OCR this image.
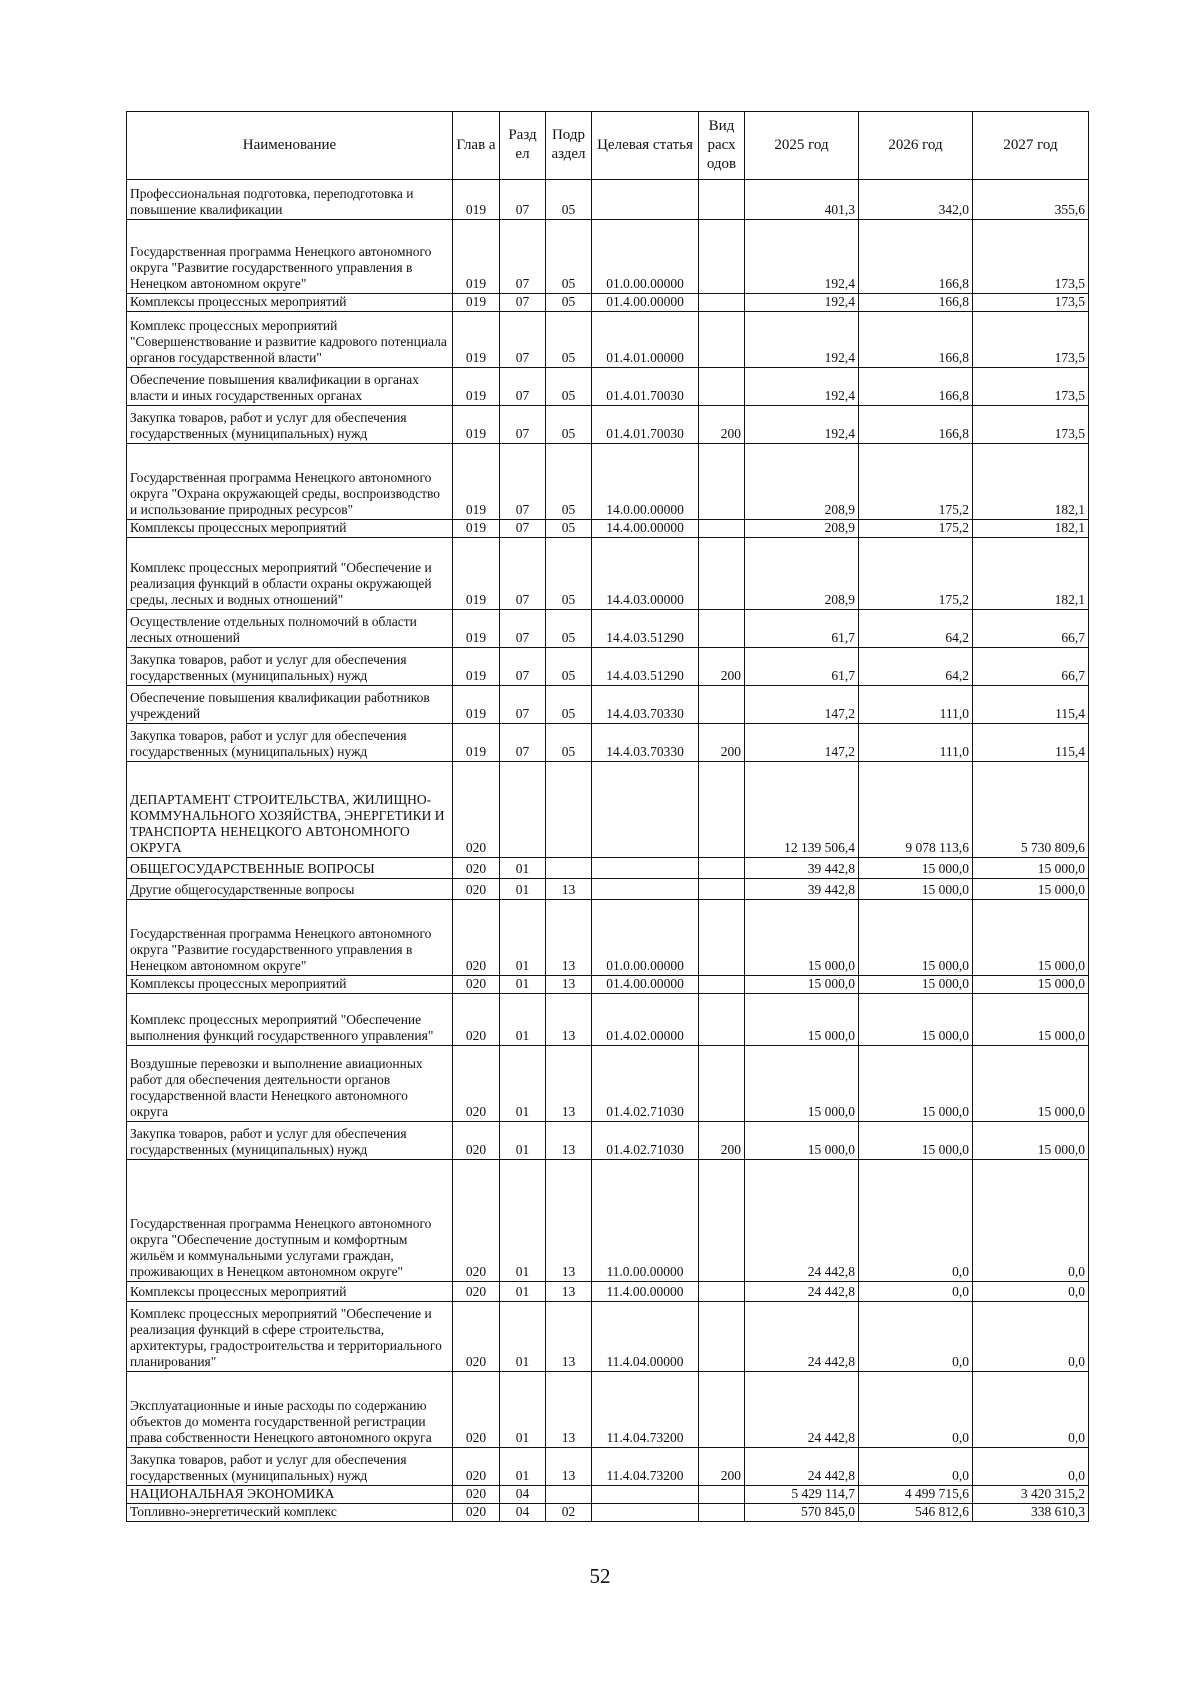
Наименование	Глав а	Разд ел	Подр аздел	Целевая статья	Вид расх одов	2025 год	2026 год	2027 год
Профессиональная подготовка, переподготовка и повышение квалификации	019	07	05			401,3	342,0	355,6
Государственная программа Ненецкого автономного округа "Развитие государственного управления в Ненецком автономном округе"	019	07	05	01.0.00.00000		192,4	166,8	173,5
Комплексы процессных мероприятий	019	07	05	01.4.00.00000		192,4	166,8	173,5
Комплекс процессных мероприятий "Совершенствование и развитие кадрового потенциала органов государственной власти"	019	07	05	01.4.01.00000		192,4	166,8	173,5
Обеспечение повышения квалификации в органах власти и иных государственных органах	019	07	05	01.4.01.70030		192,4	166,8	173,5
Закупка товаров, работ и услуг для обеспечения государственных (муниципальных) нужд	019	07	05	01.4.01.70030	200	192,4	166,8	173,5
Государственная программа Ненецкого автономного округа "Охрана окружающей среды, воспроизводство и использование природных ресурсов"	019	07	05	14.0.00.00000		208,9	175,2	182,1
Комплексы процессных мероприятий	019	07	05	14.4.00.00000		208,9	175,2	182,1
Комплекс процессных мероприятий "Обеспечение и реализация функций в области охраны окружающей среды, лесных и водных отношений"	019	07	05	14.4.03.00000		208,9	175,2	182,1
Осуществление отдельных полномочий в области лесных отношений	019	07	05	14.4.03.51290		61,7	64,2	66,7
Закупка товаров, работ и услуг для обеспечения государственных (муниципальных) нужд	019	07	05	14.4.03.51290	200	61,7	64,2	66,7
Обеспечение повышения квалификации работников учреждений	019	07	05	14.4.03.70330		147,2	111,0	115,4
Закупка товаров, работ и услуг для обеспечения государственных (муниципальных) нужд	019	07	05	14.4.03.70330	200	147,2	111,0	115,4
ДЕПАРТАМЕНТ СТРОИТЕЛЬСТВА, ЖИЛИЩНО-КОММУНАЛЬНОГО ХОЗЯЙСТВА, ЭНЕРГЕТИКИ И ТРАНСПОРТА НЕНЕЦКОГО АВТОНОМНОГО ОКРУГА	020					12 139 506,4	9 078 113,6	5 730 809,6
ОБЩЕГОСУДАРСТВЕННЫЕ ВОПРОСЫ	020	01				39 442,8	15 000,0	15 000,0
Другие общегосударственные вопросы	020	01	13			39 442,8	15 000,0	15 000,0
Государственная программа Ненецкого автономного округа "Развитие государственного управления в Ненецком автономном округе"	020	01	13	01.0.00.00000		15 000,0	15 000,0	15 000,0
Комплексы процессных мероприятий	020	01	13	01.4.00.00000		15 000,0	15 000,0	15 000,0
Комплекс процессных мероприятий "Обеспечение выполнения функций государственного управления"	020	01	13	01.4.02.00000		15 000,0	15 000,0	15 000,0
Воздушные перевозки и выполнение авиационных работ для обеспечения деятельности органов государственной власти Ненецкого автономного округа	020	01	13	01.4.02.71030		15 000,0	15 000,0	15 000,0
Закупка товаров, работ и услуг для обеспечения государственных (муниципальных) нужд	020	01	13	01.4.02.71030	200	15 000,0	15 000,0	15 000,0
Государственная программа Ненецкого автономного округа "Обеспечение доступным и комфортным жильём и коммунальными услугами граждан, проживающих в Ненецком автономном округе"	020	01	13	11.0.00.00000		24 442,8	0,0	0,0
Комплексы процессных мероприятий	020	01	13	11.4.00.00000		24 442,8	0,0	0,0
Комплекс процессных мероприятий "Обеспечение и реализация функций в сфере строительства, архитектуры, градостроительства и территориального планирования"	020	01	13	11.4.04.00000		24 442,8	0,0	0,0
Эксплуатационные и иные расходы по содержанию объектов до момента государственной регистрации права собственности Ненецкого автономного округа	020	01	13	11.4.04.73200		24 442,8	0,0	0,0
Закупка товаров, работ и услуг для обеспечения государственных (муниципальных) нужд	020	01	13	11.4.04.73200	200	24 442,8	0,0	0,0
НАЦИОНАЛЬНАЯ ЭКОНОМИКА	020	04				5 429 114,7	4 499 715,6	3 420 315,2
Топливно-энергетический комплекс	020	04	02			570 845,0	546 812,6	338 610,3
52
